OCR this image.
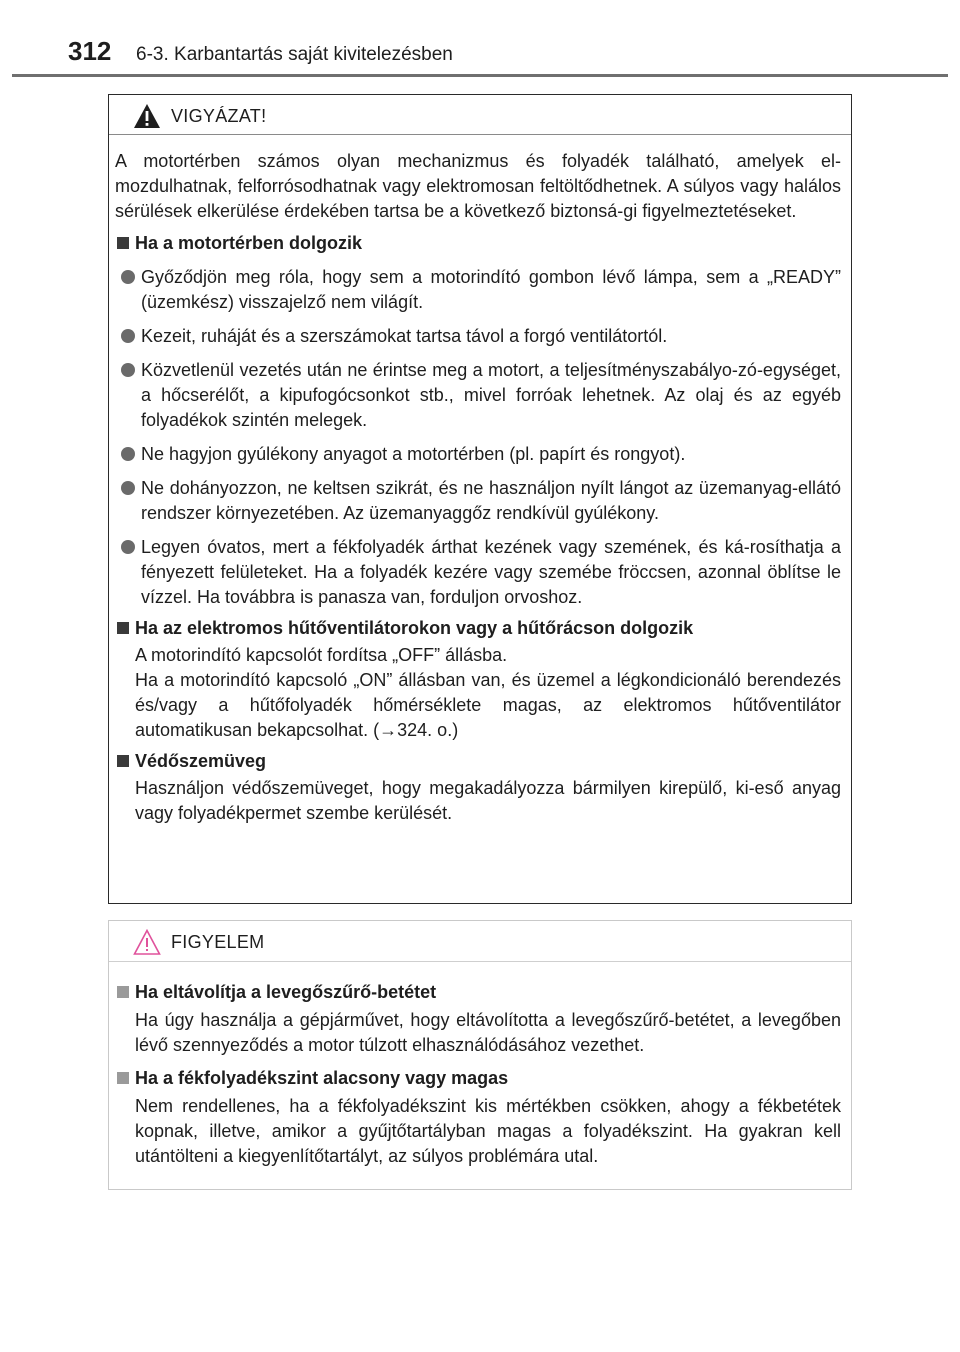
312 6-3. Karbantartás saját kivitelezésben
VIGYÁZAT!

A motortérben számos olyan mechanizmus és folyadék található, amelyek el-mozdulhatnak, felforrósodhatnak vagy elektromosan feltöltődhetnek. A súlyos vagy halálos sérülések elkerülése érdekében tartsa be a következő biztonsá-gi figyelmeztetéseket.

Ha a motortérben dolgozik
Győződjön meg róla, hogy sem a motorindító gombon lévő lámpa, sem a „READY” (üzemkész) visszajelző nem világít.
Kezeit, ruháját és a szerszámokat tartsa távol a forgó ventilátortól.
Közvetlenül vezetés után ne érintse meg a motort, a teljesítményszabályo-zó-egységet, a hőcserélőt, a kipufogócsonkot stb., mivel forróak lehetnek. Az olaj és az egyéb folyadékok szintén melegek.
Ne hagyjon gyúlékony anyagot a motortérben (pl. papírt és rongyot).
Ne dohányozzon, ne keltsen szikrát, és ne használjon nyílt lángot az üzemanyag-ellátó rendszer környezetében. Az üzemanyaggőz rendkívül gyúlékony.
Legyen óvatos, mert a fékfolyadék árthat kezének vagy szemének, és ká-rosíthatja a fényezett felületeket. Ha a folyadék kezére vagy szemébe fröccsen, azonnal öblítse le vízzel. Ha továbbra is panasza van, forduljon orvoshoz.
Ha az elektromos hűtőventilátorokon vagy a hűtőrácson dolgozik
A motorindító kapcsolót fordítsa „OFF” állásba.
Ha a motorindító kapcsoló „ON” állásban van, és üzemel a légkondicionáló berendezés és/vagy a hűtőfolyadék hőmérséklete magas, az elektromos hűtőventilátor automatikusan bekapcsolhat. (→324. o.)
Védőszemüveg
Használjon védőszemüveget, hogy megakadályozza bármilyen kirepülő, ki-eső anyag vagy folyadékpermet szembe kerülését.
FIGYELEM
Ha eltávolítja a levegőszűrő-betétet
Ha úgy használja a gépjárművet, hogy eltávolította a levegőszűrő-betétet, a levegőben lévő szennyeződés a motor túlzott elhasználódásához vezethet.
Ha a fékfolyadékszint alacsony vagy magas
Nem rendellenes, ha a fékfolyadékszint kis mértékben csökken, ahogy a fékbetétek kopnak, illetve, amikor a gyűjtőtartályban magas a folyadékszint. Ha gyakran kell utántölteni a kiegyenlítőtartályt, az súlyos problémára utal.
